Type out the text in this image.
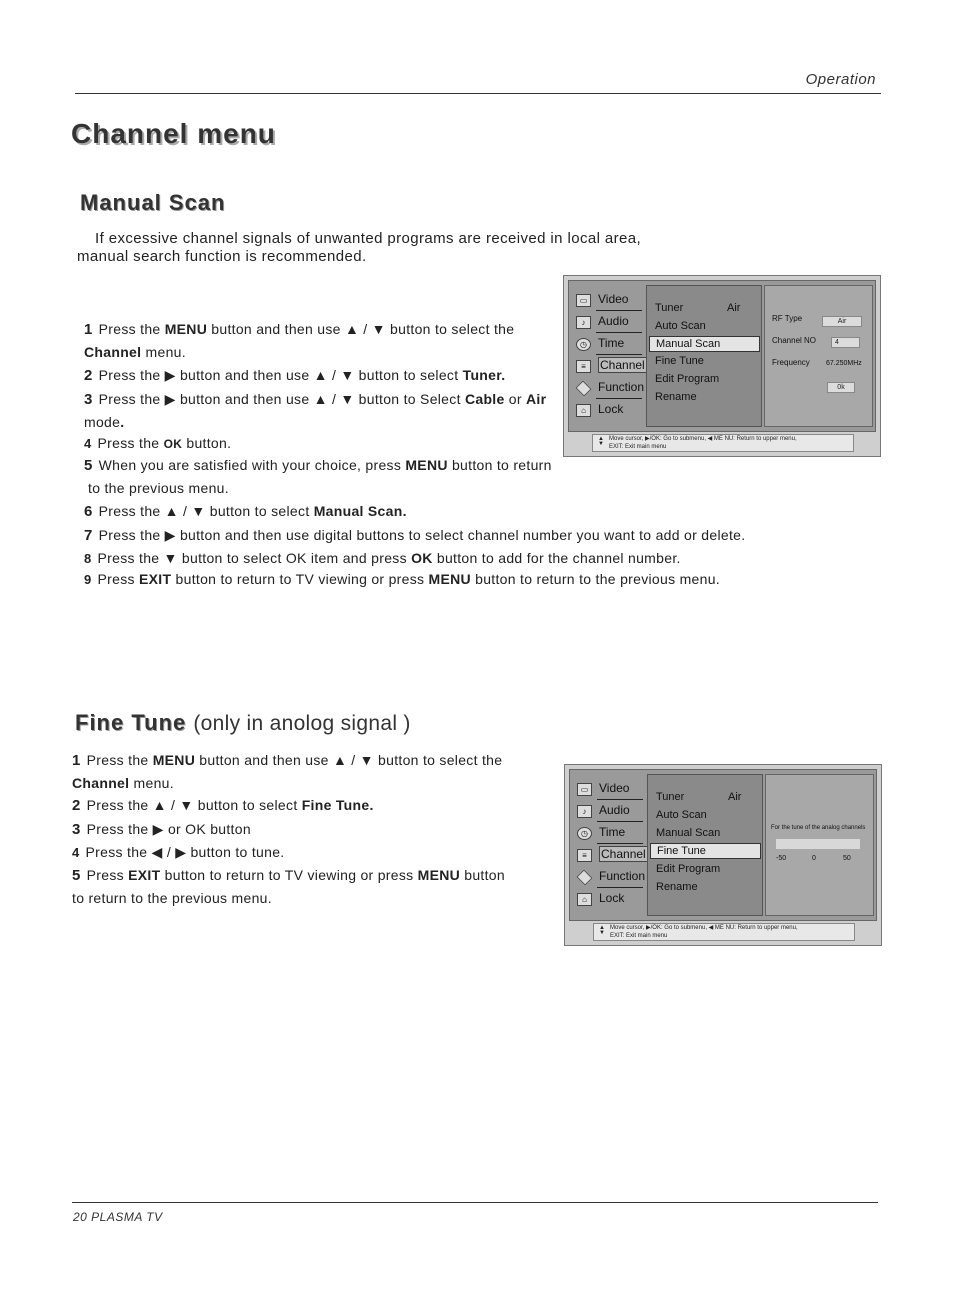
Operation
Channel menu
Manual Scan
If excessive channel signals of unwanted programs are received in local area,
manual search function is recommended.
1 Press the MENU button and then use ▲ / ▼ button to select the
Channel menu.
2 Press the ▶ button and then use ▲ / ▼ button to select Tuner.
3 Press the ▶ button and then use ▲ / ▼ button to Select Cable or Air
mode.
4 Press the OK button.
5 When you are satisfied with your choice, press MENU button to return
to the previous menu.
6 Press the ▲ / ▼ button to select Manual Scan.
7 Press the ▶ button and then use digital buttons to select channel number you want to add or delete.
8 Press the ▼ button to select OK item and press OK button to add for the channel number.
9 Press EXIT button to return to TV viewing or press MENU button to return to the previous menu.
▭ Video
♪	Audio
◷ Time
≡	Channel
Function
⌂	Lock
Tuner	Air
Auto Scan
Manual Scan
Fine Tune
Edit Program
Rename
RF Type	Air
Channel NO	4
Frequency 67.250MHz
0k
▲
▼
Move cursor, ▶/OK: Go to submenu, ◀ ME NU: Return to upper menu,
EXIT: Exit main menu
Fine Tune (only in anolog signal )
1 Press the MENU button and then use ▲ / ▼ button to select the
Channel menu.
2 Press the ▲ / ▼ button to select Fine Tune.
3 Press the ▶ or OK button
4 Press the ◀ / ▶ button to tune.
5 Press EXIT button to return to TV viewing or press MENU button
to return to the previous menu.
▭ Video
♪	Audio
◷ Time
≡	Channel
Function
⌂	Lock
Tuner	Air
Auto Scan
Manual Scan
Fine Tune
Edit Program
Rename
For the tune of the analog channels
-50	0	50
▲
▼
Move cursor, ▶/OK: Go to submenu, ◀ ME NU: Return to upper menu,
EXIT: Exit main menu
20 PLASMA TV
